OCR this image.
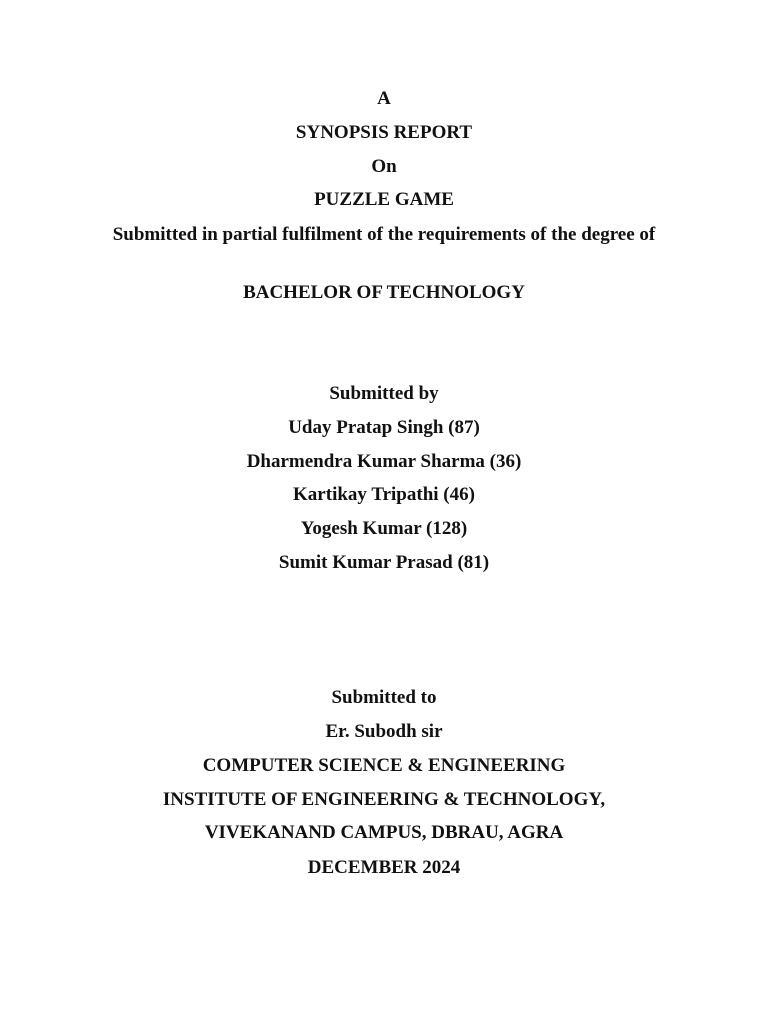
A
SYNOPSIS REPORT
On
PUZZLE GAME
Submitted in partial fulfilment of the requirements of the degree of
BACHELOR OF TECHNOLOGY
Submitted by
Uday Pratap Singh (87)
Dharmendra Kumar Sharma (36)
Kartikay Tripathi (46)
Yogesh Kumar (128)
Sumit Kumar Prasad (81)
Submitted to
Er. Subodh sir
COMPUTER SCIENCE & ENGINEERING
INSTITUTE OF ENGINEERING & TECHNOLOGY,
VIVEKANAND CAMPUS, DBRAU, AGRA
DECEMBER 2024
